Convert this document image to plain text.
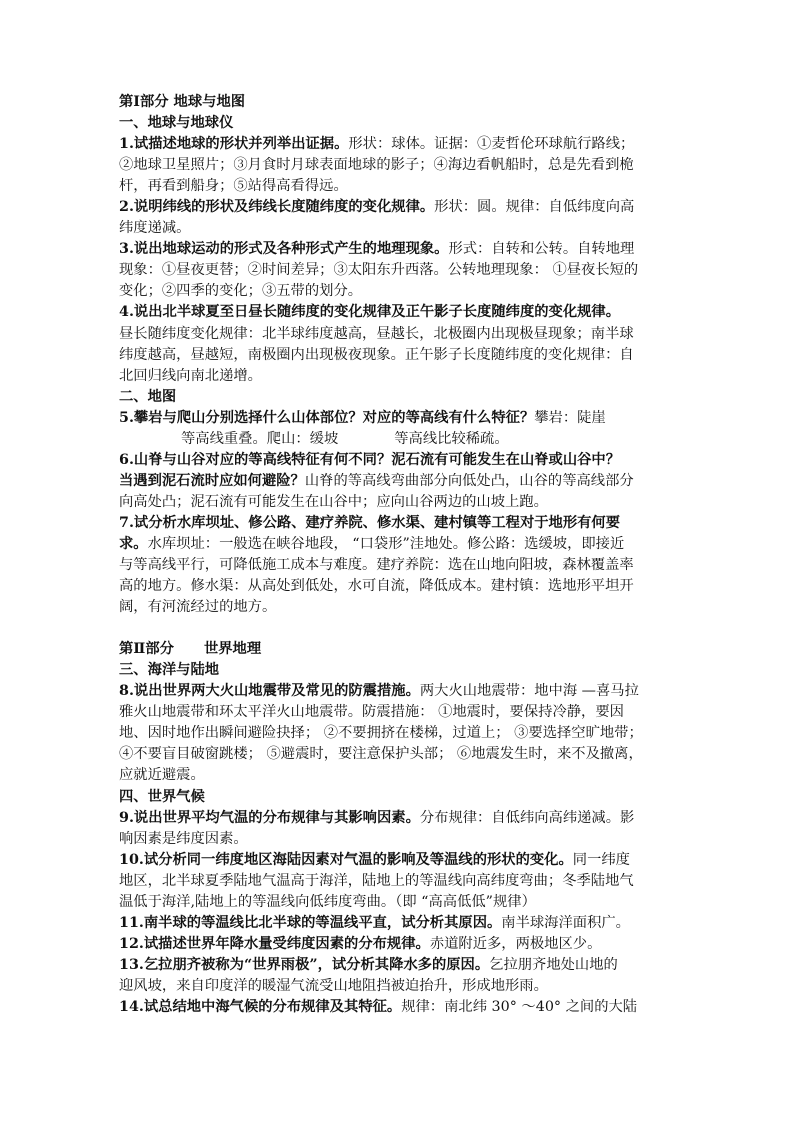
第Ⅰ部分 地球与地图
一、地球与地球仪
1.试描述地球的形状并列举出证据。形状：球体。证据：①麦哲伦环球航行路线；
②地球卫星照片；③月食时月球表面地球的影子；④海边看帆船时，总是先看到桅
杆，再看到船身；⑤站得高看得远。
2.说明纬线的形状及纬线长度随纬度的变化规律。形状：圆。规律：自低纬度向高
纬度递减。
3.说出地球运动的形式及各种形式产生的地理现象。形式：自转和公转。自转地理
现象：①昼夜更替；②时间差异；③太阳东升西落。公转地理现象： ①昼夜长短的
变化；②四季的变化；③五带的划分。
4.说出北半球夏至日昼长随纬度的变化规律及正午影子长度随纬度的变化规律。
昼长随纬度变化规律：北半球纬度越高，昼越长，北极圈内出现极昼现象；南半球
纬度越高，昼越短，南极圈内出现极夜现象。正午影子长度随纬度的变化规律：自
北回归线向南北递增。
二、地图
5.攀岩与爬山分别选择什么山体部位？对应的等高线有什么特征？攀岩：陡崖
等高线重叠。爬山：缓坡	等高线比较稀疏。
6.山脊与山谷对应的等高线特征有何不同？泥石流有可能发生在山脊或山谷中？
当遇到泥石流时应如何避险？山脊的等高线弯曲部分向低处凸，山谷的等高线部分
向高处凸；泥石流有可能发生在山谷中；应向山谷两边的山坡上跑。
7.试分析水库坝址、修公路、建疗养院、修水渠、建村镇等工程对于地形有何要
求。水库坝址：一般选在峡谷地段， “口袋形”洼地处。修公路：选缓坡，即接近
与等高线平行，可降低施工成本与难度。建疗养院：选在山地向阳坡，森林覆盖率
高的地方。修水渠：从高处到低处，水可自流，降低成本。建村镇：选地形平坦开
阔，有河流经过的地方。
第Ⅱ部分 世界地理
三、海洋与陆地
8.说出世界两大火山地震带及常见的防震措施。两大火山地震带：地中海 —喜马拉
雅火山地震带和环太平洋火山地震带。防震措施： ①地震时，要保持冷静，要因
地、因时地作出瞬间避险抉择； ②不要拥挤在楼梯，过道上； ③要选择空旷地带；
④不要盲目破窗跳楼； ⑤避震时，要注意保护头部； ⑥地震发生时，来不及撤离，
应就近避震。
四、世界气候
9.说出世界平均气温的分布规律与其影响因素。分布规律：自低纬向高纬递减。影
响因素是纬度因素。
10.试分析同一纬度地区海陆因素对气温的影响及等温线的形状的变化。同一纬度
地区，北半球夏季陆地气温高于海洋，陆地上的等温线向高纬度弯曲；冬季陆地气
温低于海洋,陆地上的等温线向低纬度弯曲。（即 “高高低低”规律）
11.南半球的等温线比北半球的等温线平直，试分析其原因。南半球海洋面积广。
12.试描述世界年降水量受纬度因素的分布规律。赤道附近多，两极地区少。
13.乞拉朋齐被称为“世界雨极”，试分析其降水多的原因。乞拉朋齐地处山地的
迎风坡，来自印度洋的暖湿气流受山地阻挡被迫抬升，形成地形雨。
14.试总结地中海气候的分布规律及其特征。规律：南北纬 30° ～40° 之间的大陆
